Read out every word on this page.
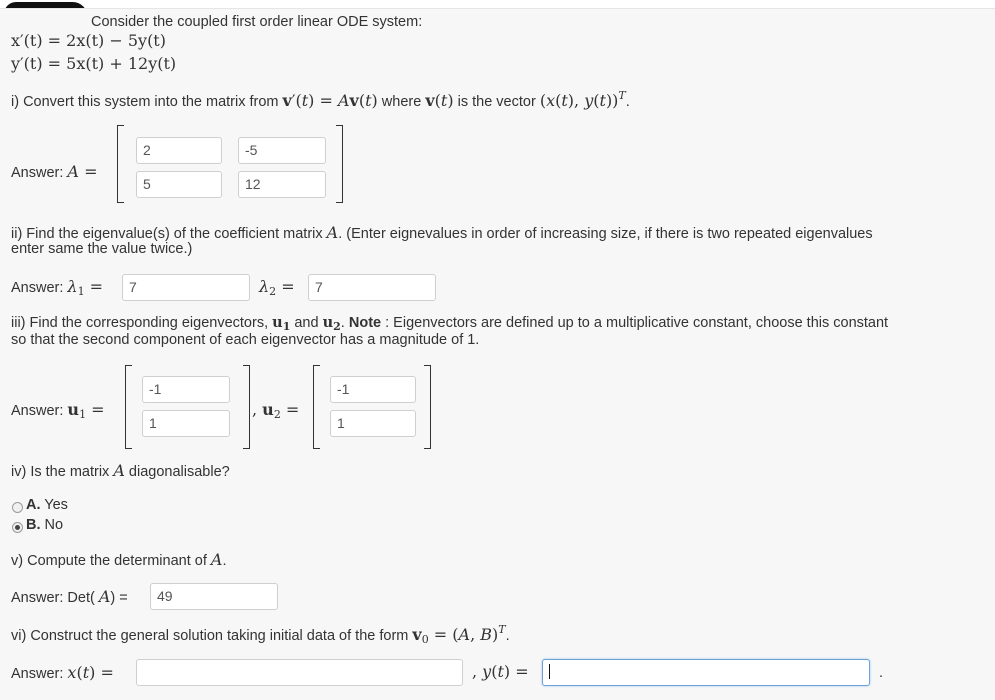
Consider the coupled first order linear ODE system:
x′(t) = 2x(t) − 5y(t)
y′(t) = 5x(t) + 12y(t)
i) Convert this system into the matrix from v′(t) = Av(t) where v(t) is the vector (x(t), y(t))$^T$.
Answer: A =
2	-5
5	12
ii) Find the eigenvalue(s) of the coefficient matrix A. (Enter eignevalues in order of increasing size, if there is two repeated eigenvalues
enter same the value twice.)
Answer: λ1 =	7	λ2 =	7
iii) Find the corresponding eigenvectors, $u_1$ and $u_2$. Note : Eigenvectors are defined up to a multiplicative constant, choose this constant
so that the second component of each eigenvector has a magnitude of 1.
Answer: u1 =
-1
1
, u2 =
-1
1
iv) Is the matrix A diagonalisable?
A. Yes
B. No
v) Compute the determinant of A.
Answer: Det( A) =	49
vi) Construct the general solution taking initial data of the form v0 = (A, B)$^T$.
Answer: x(t) =	, y(t) =	.
